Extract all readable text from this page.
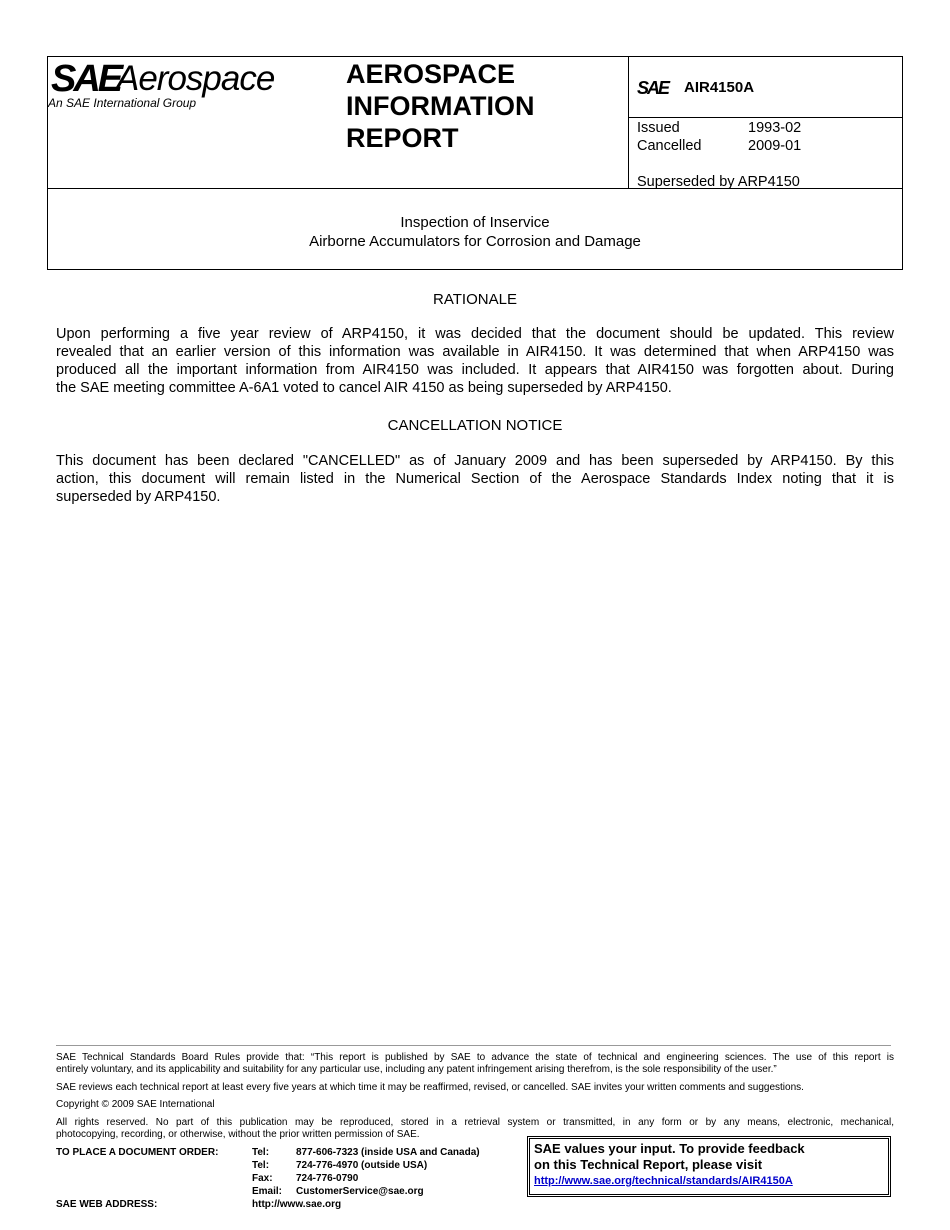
SAE
Aerospace
An SAE International Group
AEROSPACE
INFORMATION
REPORT
SAE AIR4150A
Issued	1993-02
Cancelled	2009-01
Superseded by ARP4150
Inspection of Inservice
Airborne Accumulators for Corrosion and Damage
RATIONALE
Upon performing a five year review of ARP4150, it was decided that the document should be updated. This review
revealed that an earlier version of this information was available in AIR4150. It was determined that when ARP4150 was
produced all the important information from AIR4150 was included. It appears that AIR4150 was forgotten about. During
the SAE meeting committee A-6A1 voted to cancel AIR 4150 as being superseded by ARP4150.
CANCELLATION NOTICE
This document has been declared "CANCELLED" as of January 2009 and has been superseded by ARP4150. By this
action, this document will remain listed in the Numerical Section of the Aerospace Standards Index noting that it is
superseded by ARP4150.
SAE Technical Standards Board Rules provide that: “This report is published by SAE to advance the state of technical and engineering sciences. The use of this report is
entirely voluntary, and its applicability and suitability for any particular use, including any patent infringement arising therefrom, is the sole responsibility of the user.”
SAE reviews each technical report at least every five years at which time it may be reaffirmed, revised, or cancelled. SAE invites your written comments and suggestions.
Copyright © 2009 SAE International
All rights reserved. No part of this publication may be reproduced, stored in a retrieval system or transmitted, in any form or by any means, electronic, mechanical,
photocopying, recording, or otherwise, without the prior written permission of SAE.
TO PLACE A DOCUMENT ORDER:	Tel:	877-606-7323 (inside USA and Canada)
Tel:	724-776-4970 (outside USA)
Fax: 724-776-0790
Email: CustomerService@sae.org
SAE WEB ADDRESS:	http://www.sae.org
SAE values your input. To provide feedback
on this Technical Report, please visit
http://www.sae.org/technical/standards/AIR4150A
